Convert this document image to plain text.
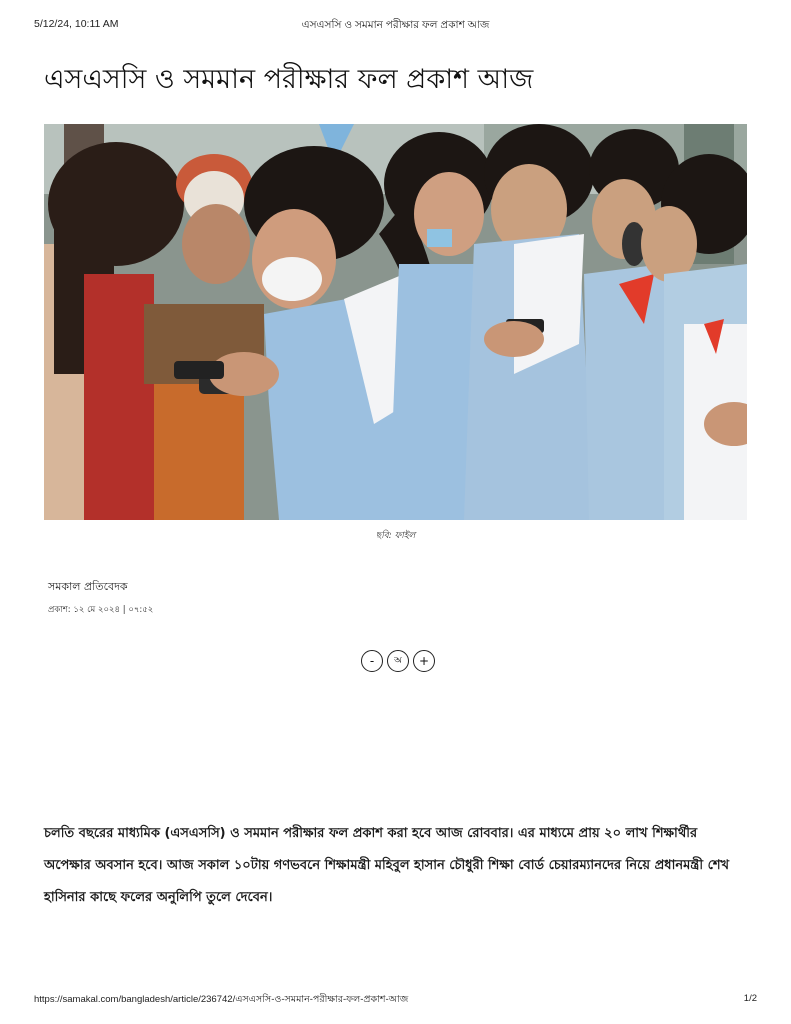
5/12/24, 10:11 AM	এসএসসি ও সমমান পরীক্ষার ফল প্রকাশ আজ
এসএসসি ও সমমান পরীক্ষার ফল প্রকাশ আজ
ছবি: ফাইল
সমকাল প্রতিবেদক
প্রকাশ: ১২ মে ২০২৪ | ০৭:৫২
- অ +

চলতি বছরের মাধ্যমিক (এসএসসি) ও সমমান পরীক্ষার ফল প্রকাশ করা হবে আজ রোববার। এর মাধ্যমে প্রায় ২০ লাখ শিক্ষার্থীর অপেক্ষার অবসান হবে। আজ সকাল ১০টায় গণভবনে শিক্ষামন্ত্রী মহিবুল হাসান চৌধুরী শিক্ষা বোর্ড চেয়ারম্যানদের নিয়ে প্রধানমন্ত্রী শেখ হাসিনার কাছে ফলের অনুলিপি তুলে দেবেন।

https://samakal.com/bangladesh/article/236742/এসএসসি-ও-সমমান-পরীক্ষার-ফল-প্রকাশ-আজ	1/2
